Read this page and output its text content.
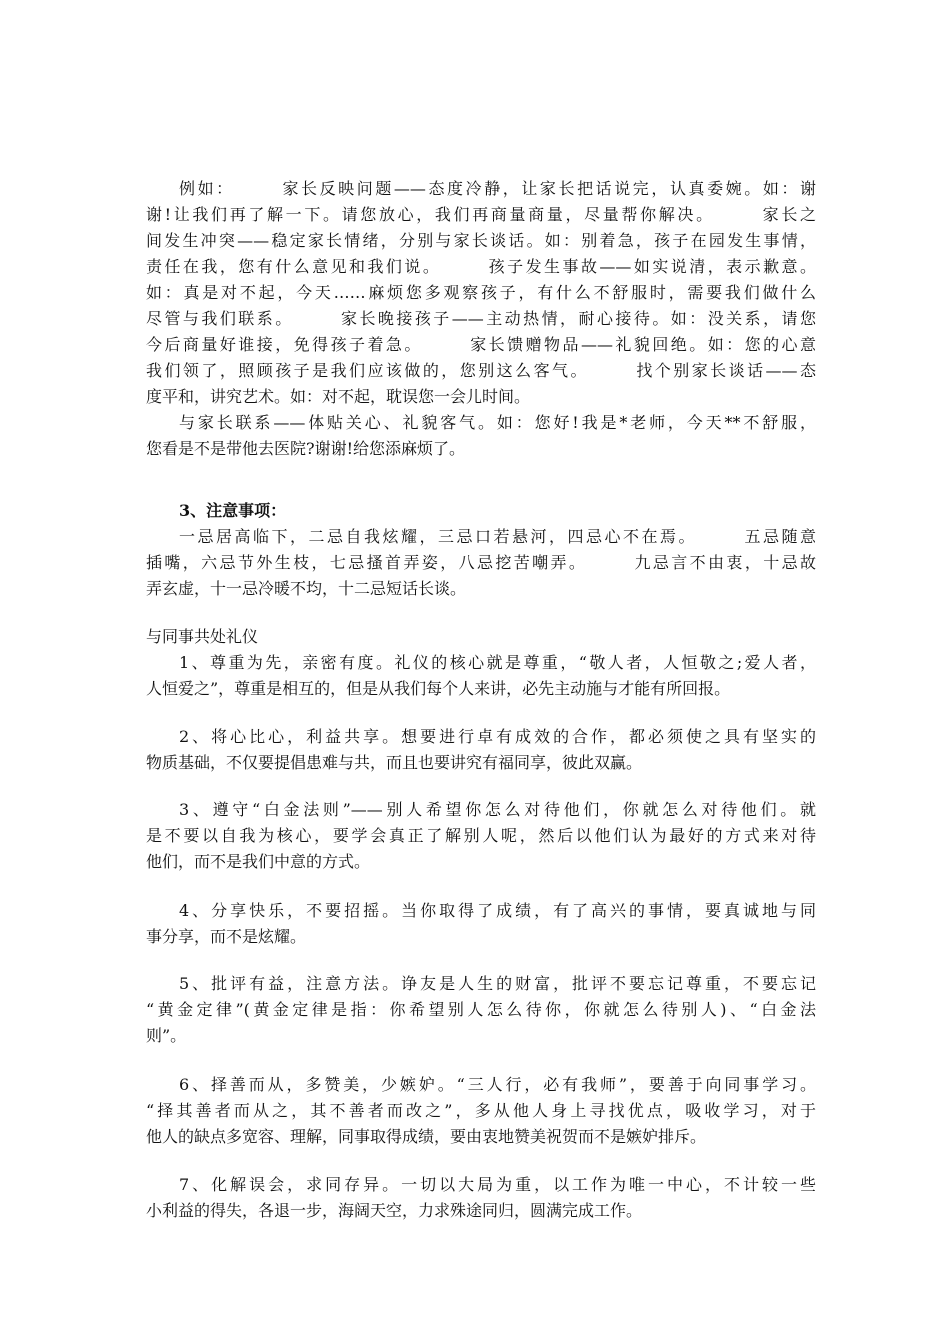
例如：　　　家长反映问题——态度冷静，让家长把话说完，认真委婉。如：谢
谢!让我们再了解一下。请您放心，我们再商量商量，尽量帮你解决。　　　家长之
间发生冲突——稳定家长情绪，分别与家长谈话。如：别着急，孩子在园发生事情，
责任在我，您有什么意见和我们说。　　　孩子发生事故——如实说清，表示歉意。
如：真是对不起，今天……麻烦您多观察孩子，有什么不舒服时，需要我们做什么
尽管与我们联系。　　　家长晚接孩子——主动热情，耐心接待。如：没关系，请您
今后商量好谁接，免得孩子着急。　　　家长馈赠物品——礼貌回绝。如：您的心意
我们领了，照顾孩子是我们应该做的，您别这么客气。　　　找个别家长谈话——态
度平和，讲究艺术。如：对不起，耽误您一会儿时间。
与家长联系——体贴关心、礼貌客气。如：您好!我是*老师，今天**不舒服，
您看是不是带他去医院?谢谢!给您添麻烦了。
3、注意事项：
一忌居高临下，二忌自我炫耀，三忌口若悬河，四忌心不在焉。　　　五忌随意
插嘴，六忌节外生枝，七忌搔首弄姿，八忌挖苦嘲弄。　　　九忌言不由衷，十忌故
弄玄虚，十一忌冷暖不均，十二忌短话长谈。
与同事共处礼仪
1、尊重为先，亲密有度。礼仪的核心就是尊重，“敬人者，人恒敬之;爱人者，
人恒爱之”，尊重是相互的，但是从我们每个人来讲，必先主动施与才能有所回报。
2、将心比心，利益共享。想要进行卓有成效的合作，都必须使之具有坚实的
物质基础，不仅要提倡患难与共，而且也要讲究有福同享，彼此双赢。
3、遵守“白金法则”——别人希望你怎么对待他们，你就怎么对待他们。就
是不要以自我为核心，要学会真正了解别人呢，然后以他们认为最好的方式来对待
他们，而不是我们中意的方式。
4、分享快乐，不要招摇。当你取得了成绩，有了高兴的事情，要真诚地与同
事分享，而不是炫耀。
5、批评有益，注意方法。诤友是人生的财富，批评不要忘记尊重，不要忘记
“黄金定律”(黄金定律是指：你希望别人怎么待你，你就怎么待别人)、“白金法
则”。
6、择善而从，多赞美，少嫉妒。“三人行，必有我师”，要善于向同事学习。
“择其善者而从之，其不善者而改之”，多从他人身上寻找优点，吸收学习，对于
他人的缺点多宽容、理解，同事取得成绩，要由衷地赞美祝贺而不是嫉妒排斥。
7、化解误会，求同存异。一切以大局为重，以工作为唯一中心，不计较一些
小利益的得失，各退一步，海阔天空，力求殊途同归，圆满完成工作。
